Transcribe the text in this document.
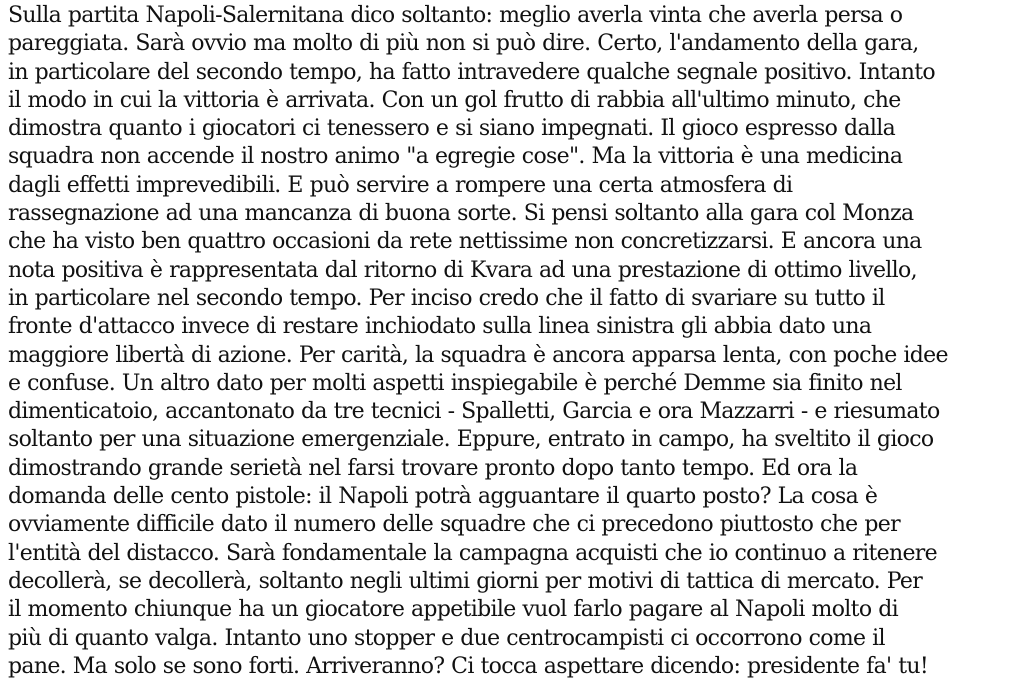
Sulla partita Napoli-Salernitana dico soltanto: meglio averla vinta che averla persa o
pareggiata. Sarà ovvio ma molto di più non si può dire. Certo, l'andamento della gara,
in particolare del secondo tempo, ha fatto intravedere qualche segnale positivo. Intanto
il modo in cui la vittoria è arrivata. Con un gol frutto di rabbia all'ultimo minuto, che
dimostra quanto i giocatori ci tenessero e si siano impegnati. Il gioco espresso dalla
squadra non accende il nostro animo "a egregie cose". Ma la vittoria è una medicina
dagli effetti imprevedibili. E può servire a rompere una certa atmosfera di
rassegnazione ad una mancanza di buona sorte. Si pensi soltanto alla gara col Monza
che ha visto ben quattro occasioni da rete nettissime non concretizzarsi. E ancora una
nota positiva è rappresentata dal ritorno di Kvara ad una prestazione di ottimo livello,
in particolare nel secondo tempo. Per inciso credo che il fatto di svariare su tutto il
fronte d'attacco invece di restare inchiodato sulla linea sinistra gli abbia dato una
maggiore libertà di azione. Per carità, la squadra è ancora apparsa lenta, con poche idee
e confuse. Un altro dato per molti aspetti inspiegabile è perché Demme sia finito nel
dimenticatoio, accantonato da tre tecnici - Spalletti, Garcia e ora Mazzarri - e riesumato
soltanto per una situazione emergenziale. Eppure, entrato in campo, ha sveltito il gioco
dimostrando grande serietà nel farsi trovare pronto dopo tanto tempo. Ed ora la
domanda delle cento pistole: il Napoli potrà agguantare il quarto posto? La cosa è
ovviamente difficile dato il numero delle squadre che ci precedono piuttosto che per
l'entità del distacco. Sarà fondamentale la campagna acquisti che io continuo a ritenere
decollerà, se decollerà, soltanto negli ultimi giorni per motivi di tattica di mercato. Per
il momento chiunque ha un giocatore appetibile vuol farlo pagare al Napoli molto di
più di quanto valga. Intanto uno stopper e due centrocampisti ci occorrono come il
pane. Ma solo se sono forti. Arriveranno? Ci tocca aspettare dicendo: presidente fa' tu!
